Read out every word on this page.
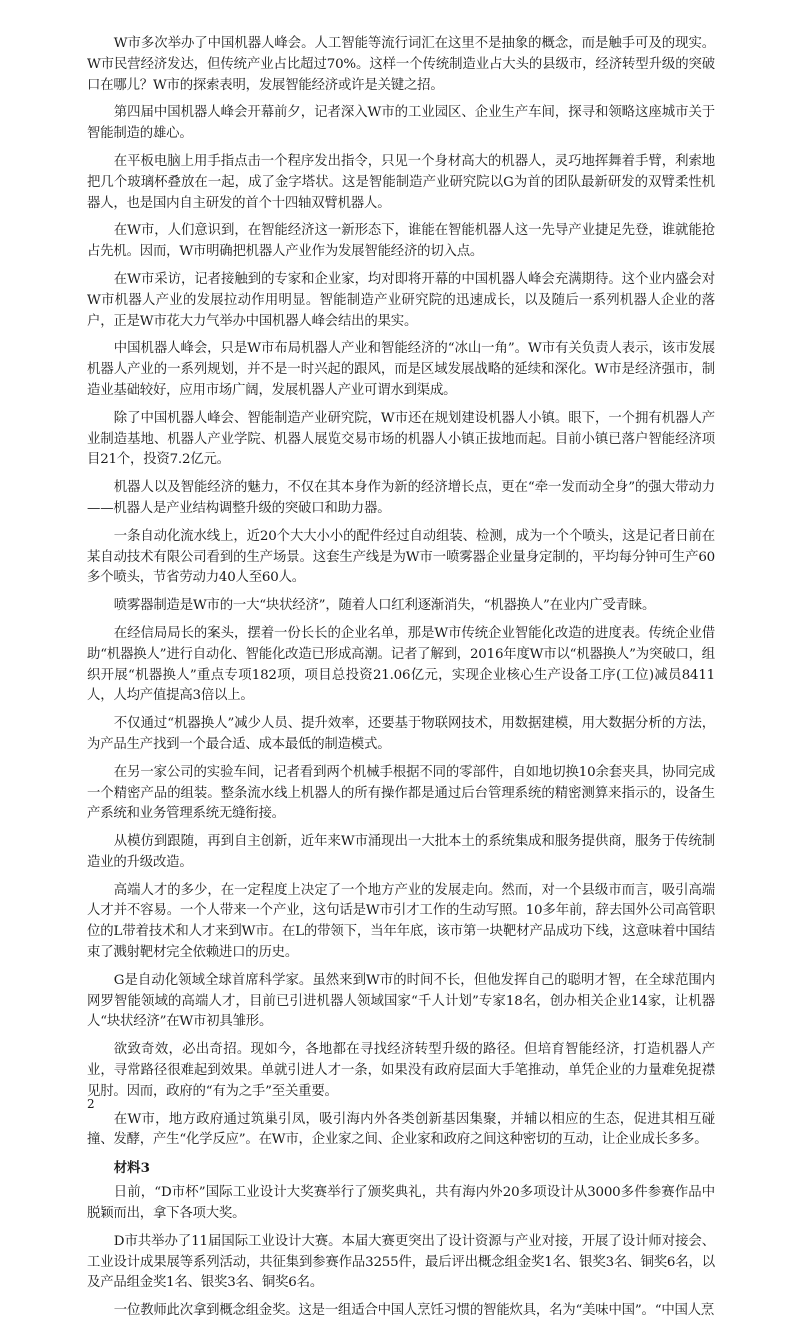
W市多次举办了中国机器人峰会。人工智能等流行词汇在这里不是抽象的概念，而是触手可及的现实。W市民营经济发达，但传统产业占比超过70%。这样一个传统制造业占大头的县级市，经济转型升级的突破口在哪儿？W市的探索表明，发展智能经济或许是关键之招。

第四届中国机器人峰会开幕前夕，记者深入W市的工业园区、企业生产车间，探寻和领略这座城市关于智能制造的雄心。

在平板电脑上用手指点击一个程序发出指令，只见一个身材高大的机器人，灵巧地挥舞着手臂，利索地把几个玻璃杯叠放在一起，成了金字塔状。这是智能制造产业研究院以G为首的团队最新研发的双臂柔性机器人，也是国内自主研发的首个十四轴双臂机器人。

在W市，人们意识到，在智能经济这一新形态下，谁能在智能机器人这一先导产业捷足先登，谁就能抢占先机。因而，W市明确把机器人产业作为发展智能经济的切入点。

在W市采访，记者接触到的专家和企业家，均对即将开幕的中国机器人峰会充满期待。这个业内盛会对W市机器人产业的发展拉动作用明显。智能制造产业研究院的迅速成长，以及随后一系列机器人企业的落户，正是W市花大力气举办中国机器人峰会结出的果实。

中国机器人峰会，只是W市布局机器人产业和智能经济的“冰山一角”。W市有关负责人表示，该市发展机器人产业的一系列规划，并不是一时兴起的跟风，而是区域发展战略的延续和深化。W市是经济强市，制造业基础较好，应用市场广阔，发展机器人产业可谓水到渠成。

除了中国机器人峰会、智能制造产业研究院，W市还在规划建设机器人小镇。眼下，一个拥有机器人产业制造基地、机器人产业学院、机器人展览交易市场的机器人小镇正拔地而起。目前小镇已落户智能经济项目21个，投资7.2亿元。

机器人以及智能经济的魅力，不仅在其本身作为新的经济增长点，更在“牵一发而动全身”的强大带动力——机器人是产业结构调整升级的突破口和助力器。

一条自动化流水线上，近20个大大小小的配件经过自动组装、检测，成为一个个喷头，这是记者日前在某自动技术有限公司看到的生产场景。这套生产线是为W市一喷雾器企业量身定制的，平均每分钟可生产60多个喷头，节省劳动力40人至60人。

喷雾器制造是W市的一大“块状经济”，随着人口红利逐渐消失，“机器换人”在业内广受青睐。

在经信局局长的案头，摆着一份长长的企业名单，那是W市传统企业智能化改造的进度表。传统企业借助“机器换人”进行自动化、智能化改造已形成高潮。记者了解到，2016年度W市以“机器换人”为突破口，组织开展“机器换人”重点专项182项，项目总投资21.06亿元，实现企业核心生产设备工序(工位)减员8411人，人均产值提高3倍以上。

不仅通过“机器换人”减少人员、提升效率，还要基于物联网技术，用数据建模，用大数据分析的方法，为产品生产找到一个最合适、成本最低的制造模式。

在另一家公司的实验车间，记者看到两个机械手根据不同的零部件，自如地切换10余套夹具，协同完成一个精密产品的组装。整条流水线上机器人的所有操作都是通过后台管理系统的精密测算来指示的，设备生产系统和业务管理系统无缝衔接。

从模仿到跟随，再到自主创新，近年来W市涌现出一大批本土的系统集成和服务提供商，服务于传统制造业的升级改造。

高端人才的多少，在一定程度上决定了一个地方产业的发展走向。然而，对一个县级市而言，吸引高端人才并不容易。一个人带来一个产业，这句话是W市引才工作的生动写照。10多年前，辞去国外公司高管职位的L带着技术和人才来到W市。在L的带领下，当年年底，该市第一块靶材产品成功下线，这意味着中国结束了溅射靶材完全依赖进口的历史。

G是自动化领域全球首席科学家。虽然来到W市的时间不长，但他发挥自己的聪明才智，在全球范围内网罗智能领域的高端人才，目前已引进机器人领域国家“千人计划”专家18名，创办相关企业14家，让机器人“块状经济”在W市初具雏形。

欲致奇效，必出奇招。现如今，各地都在寻找经济转型升级的路径。但培育智能经济，打造机器人产业，寻常路径很难起到效果。单就引进人才一条，如果没有政府层面大手笔推动，单凭企业的力量难免捉襟见肘。因而，政府的“有为之手”至关重要。

在W市，地方政府通过筑巢引凤，吸引海内外各类创新基因集聚，并辅以相应的生态，促进其相互碰撞、发酵，产生“化学反应”。在W市，企业家之间、企业家和政府之间这种密切的互动，让企业成长多多。

材料3

日前，“D市杯”国际工业设计大奖赛举行了颁奖典礼，共有海内外20多项设计从3000多件参赛作品中脱颖而出，拿下各项大奖。

D市共举办了11届国际工业设计大赛。本届大赛更突出了设计资源与产业对接，开展了设计师对接会、工业设计成果展等系列活动，共征集到参赛作品3255件，最后评出概念组金奖1名、银奖3名、铜奖6名，以及产品组金奖1名、银奖3名、铜奖6名。

一位教师此次拿到概念组金奖。这是一组适合中国人烹饪习惯的智能炊具，名为“美味中国”。“中国人烹

2
